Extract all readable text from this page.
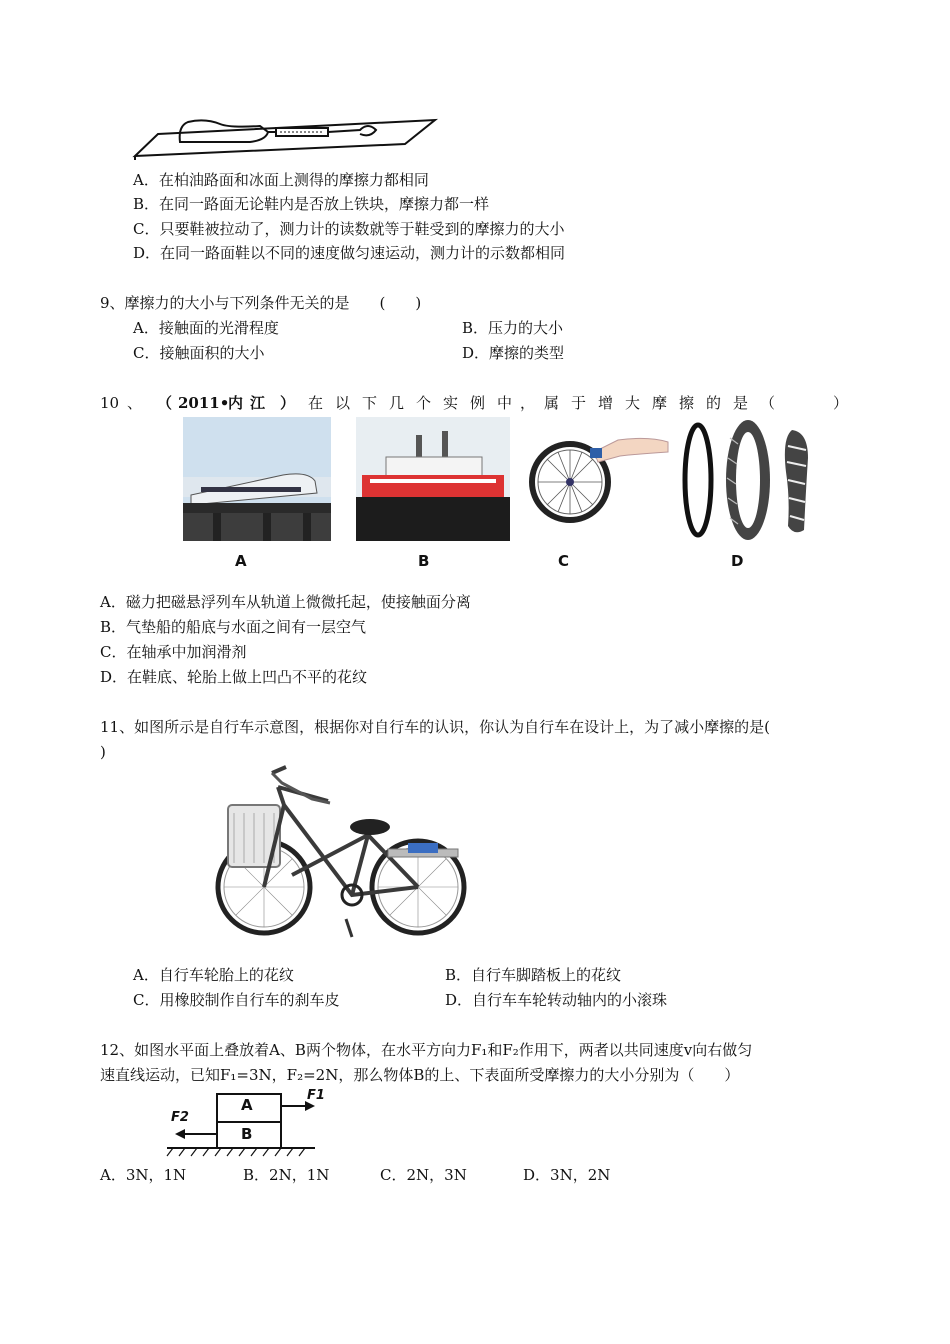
A．在柏油路面和冰面上测得的摩擦力都相同
B．在同一路面无论鞋内是否放上铁块，摩擦力都一样
C．只要鞋被拉动了，测力计的读数就等于鞋受到的摩擦力的大小
D．在同一路面鞋以不同的速度做匀速运动，测力计的示数都相同
9、摩擦力的大小与下列条件无关的是　　(　　)
A．接触面的光滑程度	B．压力的大小
C．接触面积的大小	D．摩擦的类型
10 、 （ 2011•
内 江 ） 在 以 下 几 个 实 例 中 ， 属 于 增 大 摩 擦 的 是 （	）
A	B	C	D
A．磁力把磁悬浮列车从轨道上微微托起，使接触面分离
B．气垫船的船底与水面之间有一层空气
C．在轴承中加润滑剂
D．在鞋底、轮胎上做上凹凸不平的花纹
11、如图所示是自行车示意图，根据你对自行车的认识，你认为自行车在设计上，为了减小摩擦的是(
)
A．自行车轮胎上的花纹	B．自行车脚踏板上的花纹
C．用橡胶制作自行车的刹车皮	D．自行车车轮转动轴内的小滚珠
12、如图水平面上叠放着A、B两个物体，在水平方向力F₁和F₂作用下，两者以共同速度v向右做匀
速直线运动，已知F₁=3N，F₂=2N，那么物体B的上、下表面所受摩擦力的大小分别为（　　）
A
B
F1
F2
A．3N，1N	B．2N，1N	C．2N，3N	D．3N，2N
